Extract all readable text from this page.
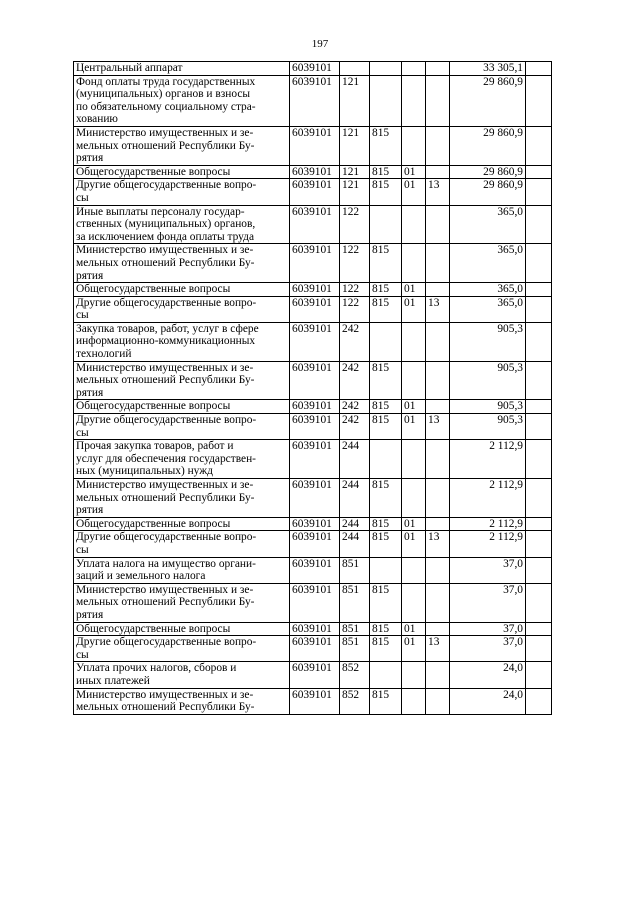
197
Центральный аппарат	6039101					33 305,1	
Фонд оплаты труда государственных
(муниципальных) органов и взносы
по обязательному социальному стра-
хованию	6039101	121				29 860,9	
Министерство имущественных и зе-
мельных отношений Республики Бу-
рятия	6039101	121	815			29 860,9	
Общегосударственные вопросы	6039101	121	815	01		29 860,9	
Другие общегосударственные вопро-
сы	6039101	121	815	01	13	29 860,9	
Иные выплаты персоналу государ-
ственных (муниципальных) органов,
за исключением фонда оплаты труда	6039101	122				365,0	
Министерство имущественных и зе-
мельных отношений Республики Бу-
рятия	6039101	122	815			365,0	
Общегосударственные вопросы	6039101	122	815	01		365,0	
Другие общегосударственные вопро-
сы	6039101	122	815	01	13	365,0	
Закупка товаров, работ, услуг в сфере
информационно-коммуникационных
технологий	6039101	242				905,3	
Министерство имущественных и зе-
мельных отношений Республики Бу-
рятия	6039101	242	815			905,3	
Общегосударственные вопросы	6039101	242	815	01		905,3	
Другие общегосударственные вопро-
сы	6039101	242	815	01	13	905,3	
Прочая закупка товаров, работ и
услуг для обеспечения государствен-
ных (муниципальных) нужд	6039101	244				2 112,9	
Министерство имущественных и зе-
мельных отношений Республики Бу-
рятия	6039101	244	815			2 112,9	
Общегосударственные вопросы	6039101	244	815	01		2 112,9	
Другие общегосударственные вопро-
сы	6039101	244	815	01	13	2 112,9	
Уплата налога на имущество органи-
заций и земельного налога	6039101	851				37,0	
Министерство имущественных и зе-
мельных отношений Республики Бу-
рятия	6039101	851	815			37,0	
Общегосударственные вопросы	6039101	851	815	01		37,0	
Другие общегосударственные вопро-
сы	6039101	851	815	01	13	37,0	
Уплата прочих налогов, сборов и
иных платежей	6039101	852				24,0	
Министерство имущественных и зе-
мельных отношений Республики Бу-	6039101	852	815			24,0	
